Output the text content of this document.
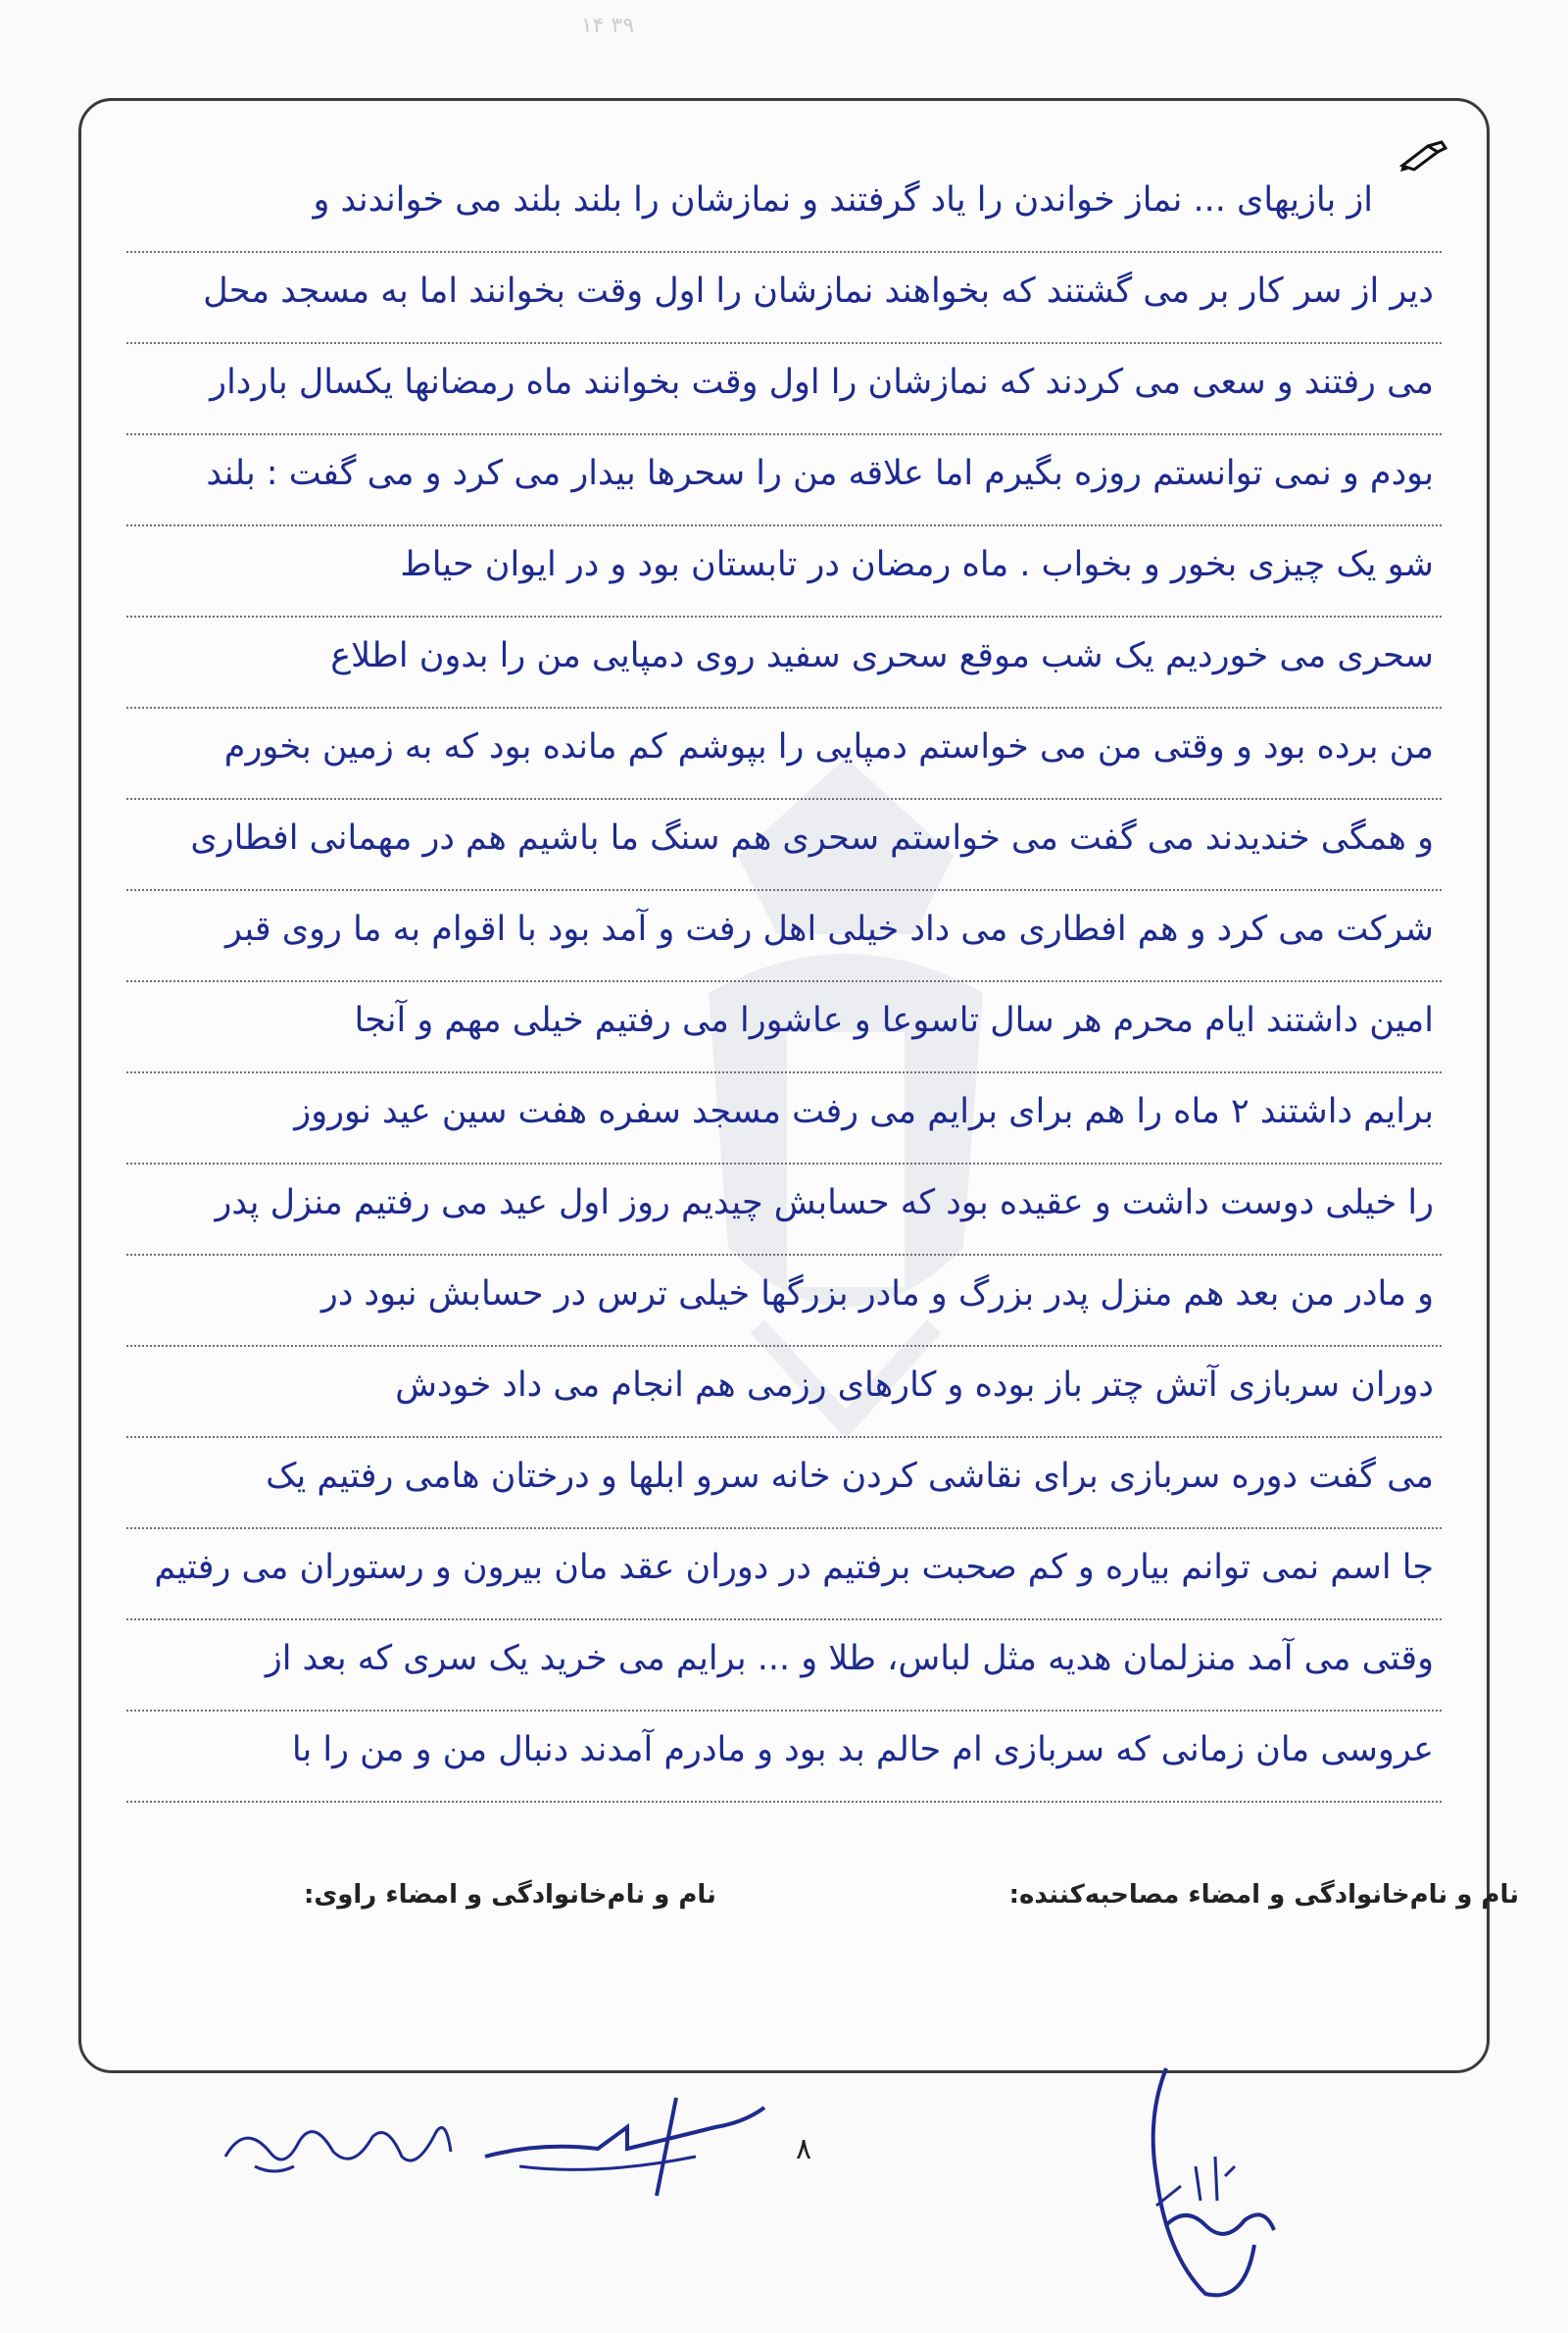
۳۹ ۱۴
از بازیهای ... نماز خواندن را یاد گرفتند و نمازشان را بلند بلند می خواندند و
دیر از سر کار بر می گشتند که بخواهند نمازشان را اول وقت بخوانند اما به مسجد محل
می رفتند و سعی می کردند که نمازشان را اول وقت بخوانند ماه رمضانها یکسال باردار
بودم و نمی توانستم روزه بگیرم اما علاقه من را سحرها بیدار می کرد و می گفت : بلند
شو یک چیزی بخور و بخواب . ماه رمضان در تابستان بود و در ایوان حیاط
سحری می خوردیم یک شب موقع سحری سفید روی دمپایی من را بدون اطلاع
من برده بود و وقتی من می خواستم دمپایی را بپوشم کم مانده بود که به زمین بخورم
و همگی خندیدند می گفت می خواستم سحری هم سنگ ما باشیم هم در مهمانی افطاری
شرکت می کرد و هم افطاری می داد خیلی اهل رفت و آمد بود با اقوام به ما روی قبر
امین داشتند ایام محرم هر سال تاسوعا و عاشورا می رفتیم خیلی مهم و آنجا
برایم داشتند ۲ ماه را هم برای برایم می رفت مسجد سفره هفت سین عید نوروز
را خیلی دوست داشت و عقیده بود که حسابش چیدیم روز اول عید می رفتیم منزل پدر
و مادر من بعد هم منزل پدر بزرگ و مادر بزرگها خیلی ترس در حسابش نبود در
دوران سربازی آتش چتر باز بوده و کارهای رزمی هم انجام می داد خودش
می گفت دوره سربازی برای نقاشی کردن خانه سرو ابلها و درختان هامی رفتیم یک
جا اسم نمی توانم بیاره و کم صحبت برفتیم در دوران عقد مان بیرون و رستوران می رفتیم
وقتی می آمد منزلمان هدیه مثل لباس، طلا و ... برایم می خرید یک سری که بعد از
عروسی مان زمانی که سربازی ام حالم بد بود و مادرم آمدند دنبال من و من را با
نام و نام‌خانوادگی و امضاء مصاحبه‌کننده:
نام و نام‌خانوادگی و امضاء راوی:
۸
